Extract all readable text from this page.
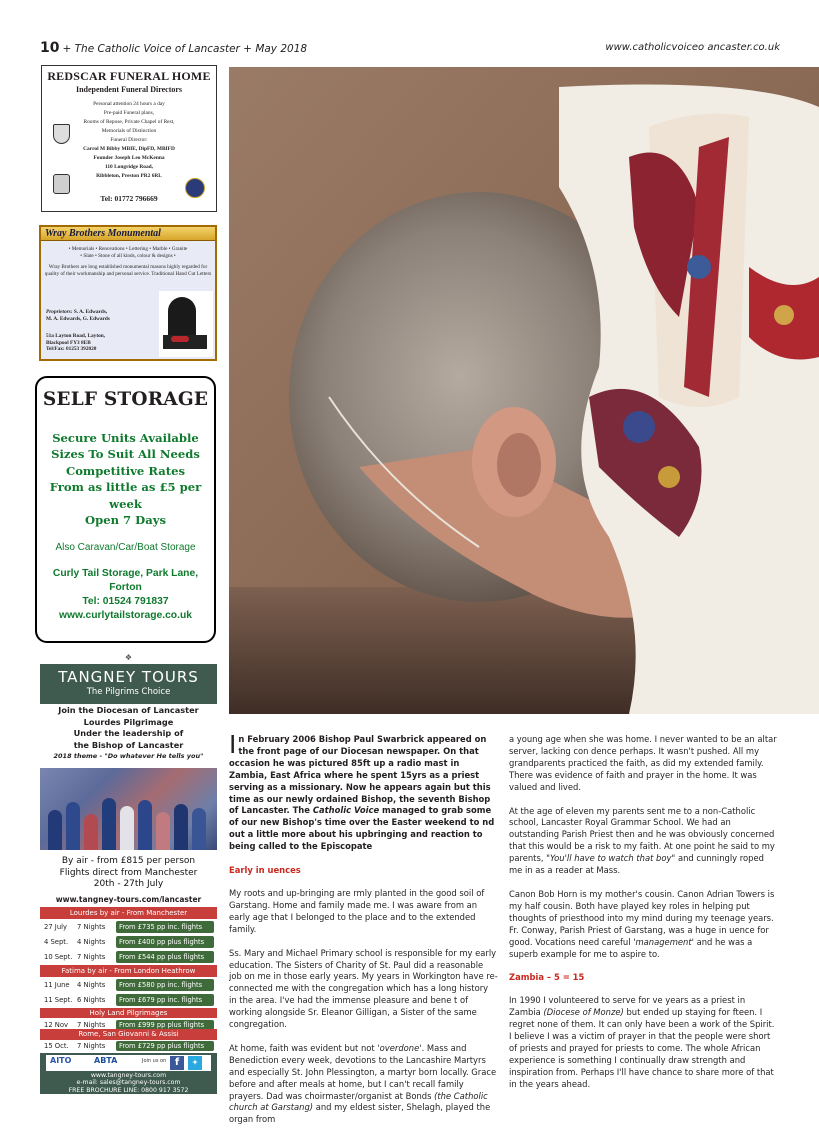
10 + The Catholic Voice of Lancaster + May 2018	www.catholicvoiceo ancaster.co.uk
REDSCAR FUNERAL HOME
Independent Funeral Directors
Personal attention 24 hours a day
Pre-paid Funeral plans,
Rooms of Repose, Private Chapel of Rest,
Memorials of Distinction
Funeral Director:
Carrol M Bibby MBIE, DipFD, MBIFD
Founder Joseph Leo McKenna
110 Longridge Road,
Ribbleton, Preston PR2 6RL
Tel: 01772 796669
Wray Brothers Monumental
• Memorials • Renovations • Lettering • Marble • Granite
• Slate • Stone of all kinds, colour & designs •
Wray Brothers are long established monumental masons highly regarded for quality of their workmanship and personal service. Traditional Hand Cut Letters
Proprietors: S. A. Edwards,
M. A. Edwards, G. Edwards
51a Layton Road, Layton,
Blackpool FY3 8EB
Tel/Fax: 01253 392020
SELF STORAGE
Secure Units Available
Sizes To Suit All Needs
Competitive Rates
From as little as £5 per
week
Open 7 Days
Also Caravan/Car/Boat Storage
Curly Tail Storage, Park Lane,
Forton
Tel: 01524 791837
www.curlytailstorage.co.uk
❖
TANGNEY TOURS
The Pilgrims Choice
Join the Diocesan of Lancaster
Lourdes Pilgrimage
Under the leadership of
the Bishop of Lancaster
2018 theme - "Do whatever He tells you"
By air - from £815 per person
Flights direct from Manchester
20th - 27th July
www.tangney-tours.com/lancaster
Lourdes by air - From Manchester
27 July 7 Nights	From £735 pp inc. flights
4 Sept. 4 Nights	From £400 pp plus flights
10 Sept. 7 Nights	From £544 pp plus flights
Fatima by air - From London Heathrow
11 June 4 Nights	From £580 pp inc. flights
11 Sept. 6 Nights	From £679 pp inc. flights
Holy Land Pilgrimages
12 Nov 7 Nights	From £999 pp plus flights
Rome, San Giovanni & Assisi
15 Oct. 7 Nights	From £729 pp plus flights
AITO	ABTA	Join us on f	✦
www.tangney-tours.com
e-mail: sales@tangney-tours.com
FREE BROCHURE LINE: 0800 917 3572

In February 2006 Bishop Paul Swarbrick appeared on the front page of our Diocesan newspaper. On that occasion he was pictured 85ft up a radio mast in Zambia, East Africa where he spent 15yrs as a priest serving as a missionary. Now he appears again but this time as our newly ordained Bishop, the seventh Bishop of Lancaster. The Catholic Voice managed to grab some of our new Bishop's time over the Easter weekend to nd out a little more about his upbringing and reaction to being called to the Episcopate

Early in uences

My roots and up-bringing are rmly planted in the good soil of Garstang. Home and family made me. I was aware from an early age that I belonged to the place and to the extended family.

Ss. Mary and Michael Primary school is responsible for my early education. The Sisters of Charity of St. Paul did a reasonable job on me in those early years. My years in Workington have re-connected me with the congregation which has a long history in the area. I've had the immense pleasure and bene t of working alongside Sr. Eleanor Gilligan, a Sister of the same congregation.

At home, faith was evident but not 'overdone'. Mass and Benediction every week, devotions to the Lancashire Martyrs and especially St. John Plessington, a martyr born locally. Grace before and after meals at home, but I can't recall family prayers. Dad was choirmaster/organist at Bonds (the Catholic church at Garstang) and my eldest sister, Shelagh, played the organ from

a young age when she was home. I never wanted to be an altar server, lacking con dence perhaps. It wasn't pushed. All my grandparents practiced the faith, as did my extended family. There was evidence of faith and prayer in the home. It was valued and lived.

At the age of eleven my parents sent me to a non-Catholic school, Lancaster Royal Grammar School. We had an outstanding Parish Priest then and he was obviously concerned that this would be a risk to my faith. At one point he said to my parents, "You'll have to watch that boy" and cunningly roped me in as a reader at Mass.

Canon Bob Horn is my mother's cousin. Canon Adrian Towers is my half cousin. Both have played key roles in helping put thoughts of priesthood into my mind during my teenage years. Fr. Conway, Parish Priest of Garstang, was a huge in uence for good. Vocations need careful 'management' and he was a superb example for me to aspire to.

Zambia – 5 = 15

In 1990 I volunteered to serve for ve years as a priest in Zambia (Diocese of Monze) but ended up staying for fteen. I regret none of them. It can only have been a work of the Spirit. I believe I was a victim of prayer in that the people were short of priests and prayed for priests to come. The whole African experience is something I continually draw strength and inspiration from. Perhaps I'll have chance to share more of that in the years ahead.
